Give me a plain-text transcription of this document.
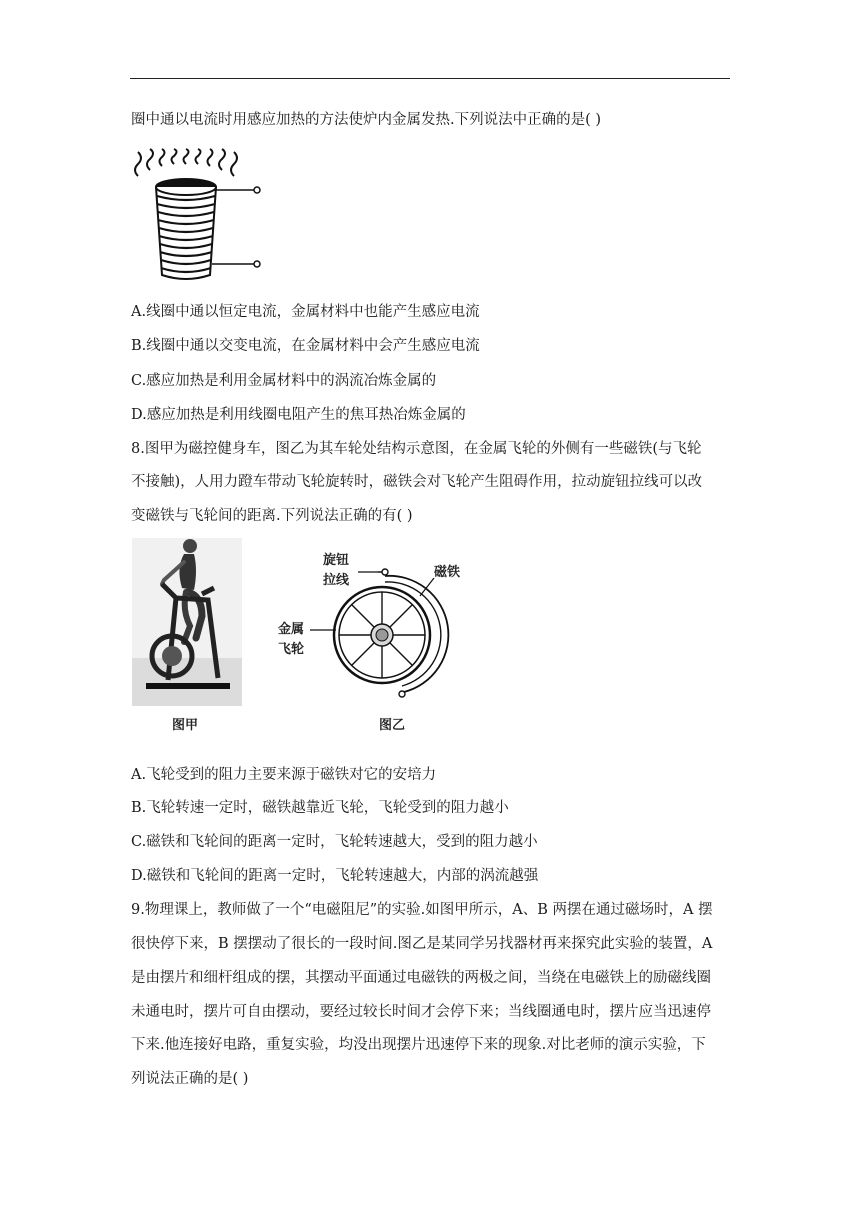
圈中通以电流时用感应加热的方法使炉内金属发热.下列说法中正确的是( )
A.线圈中通以恒定电流，金属材料中也能产生感应电流
B.线圈中通以交变电流，在金属材料中会产生感应电流
C.感应加热是利用金属材料中的涡流冶炼金属的
D.感应加热是利用线圈电阻产生的焦耳热冶炼金属的
8.图甲为磁控健身车，图乙为其车轮处结构示意图，在金属飞轮的外侧有一些磁铁(与飞轮
不接触)，人用力蹬车带动飞轮旋转时，磁铁会对飞轮产生阻碍作用，拉动旋钮拉线可以改
变磁铁与飞轮间的距离.下列说法正确的有( )
旋钮
拉线
磁铁
金属
飞轮
图甲	图乙
A.飞轮受到的阻力主要来源于磁铁对它的安培力
B.飞轮转速一定时，磁铁越靠近飞轮，飞轮受到的阻力越小
C.磁铁和飞轮间的距离一定时，飞轮转速越大，受到的阻力越小
D.磁铁和飞轮间的距离一定时，飞轮转速越大，内部的涡流越强
9.物理课上，教师做了一个“电磁阻尼”的实验.如图甲所示，A、B 两摆在通过磁场时，A 摆
很快停下来，B 摆摆动了很长的一段时间.图乙是某同学另找器材再来探究此实验的装置，A
是由摆片和细杆组成的摆，其摆动平面通过电磁铁的两极之间，当绕在电磁铁上的励磁线圈
未通电时，摆片可自由摆动，要经过较长时间才会停下来；当线圈通电时，摆片应当迅速停
下来.他连接好电路，重复实验，均没出现摆片迅速停下来的现象.对比老师的演示实验，下
列说法正确的是( )
